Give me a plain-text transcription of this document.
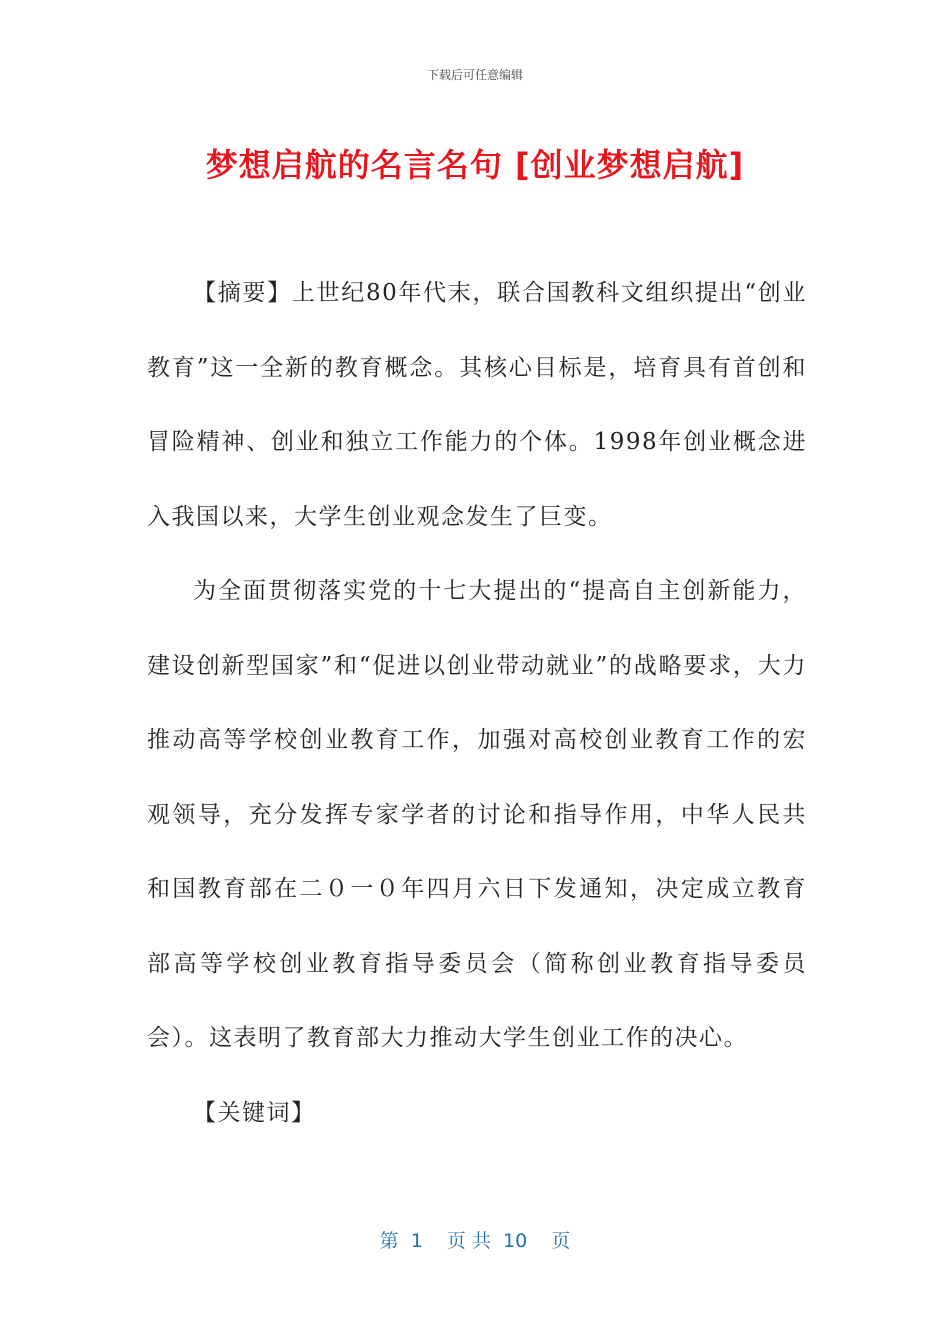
下载后可任意编辑
梦想启航的名言名句 [创业梦想启航]

【摘要】上世纪80年代末，联合国教科文组织提出“创业教育”这一全新的教育概念。其核心目标是，培育具有首创和冒险精神、创业和独立工作能力的个体。1998年创业概念进入我国以来，大学生创业观念发生了巨变。

为全面贯彻落实党的十七大提出的“提高自主创新能力，建设创新型国家”和“促进以创业带动就业”的战略要求，大力推动高等学校创业教育工作，加强对高校创业教育工作的宏观领导，充分发挥专家学者的讨论和指导作用，中华人民共和国教育部在二０一０年四月六日下发通知，决定成立教育部高等学校创业教育指导委员会（简称创业教育指导委员会）。这表明了教育部大力推动大学生创业工作的决心。

【关键词】

第  1    页 共  10    页
